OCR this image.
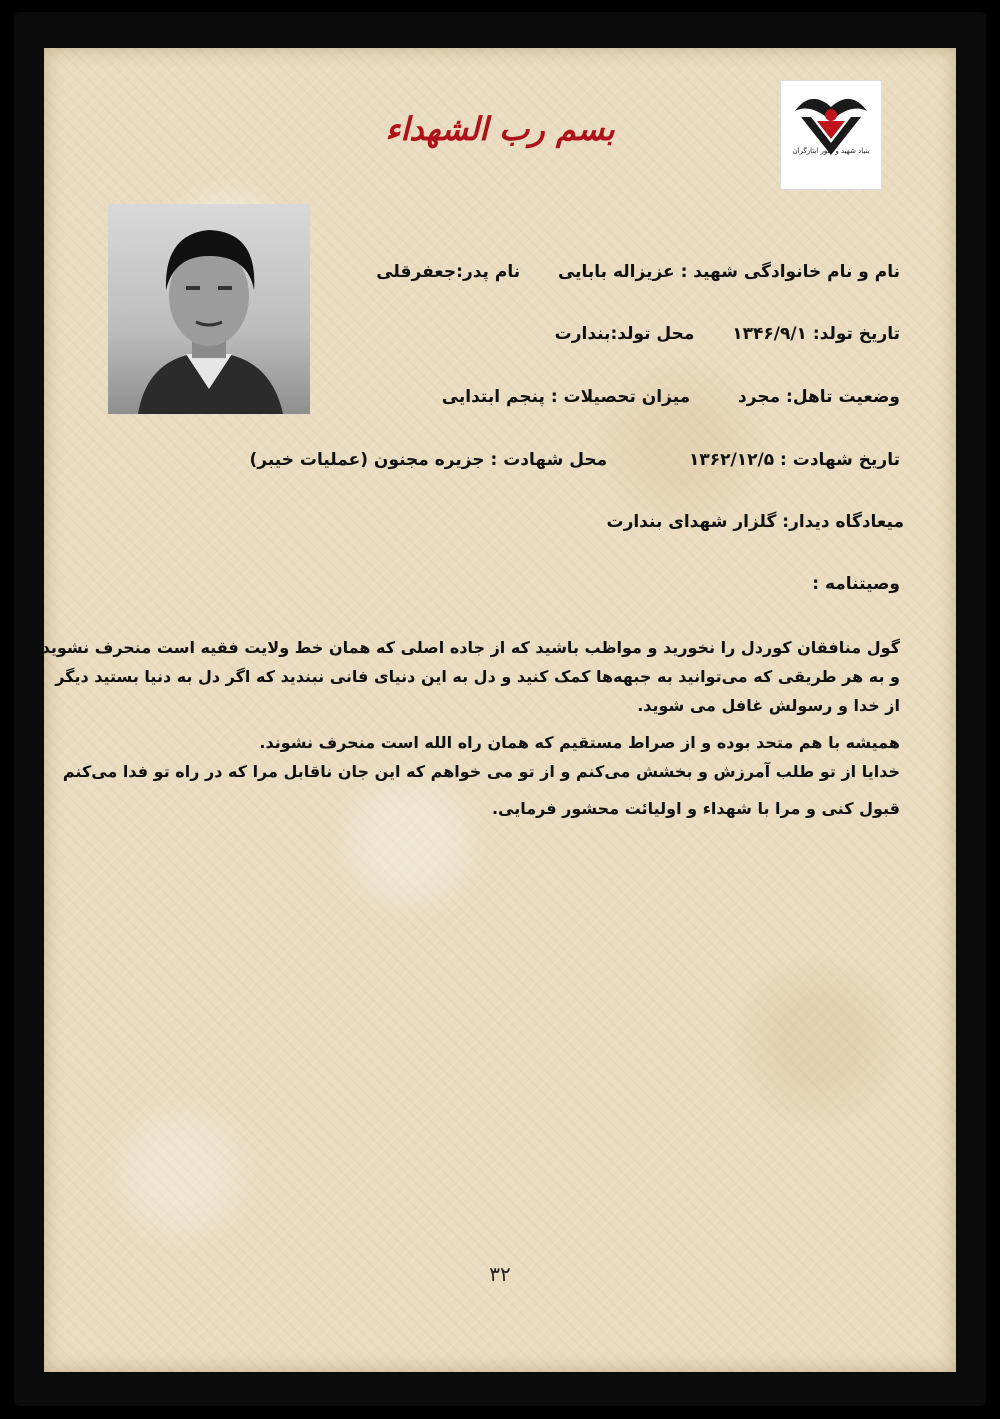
بسم رب الشهداء
بنیاد شهید و امور ایثارگران
نام و نام خانوادگی شهید : عزیزاله بابایی  نام پدر:جعفرقلی
تاریخ تولد: ۱۳۴۶/۹/۱  محل تولد:بندارت
وضعیت تاهل: مجرد  میزان تحصیلات : پنجم ابتدایی
تاریخ شهادت : ۱۳۶۲/۱۲/۵  محل شهادت : جزیره مجنون (عملیات خیبر)
میعادگاه دیدار: گلزار شهدای بندارت
وصیتنامه :
گول منافقان کوردل را نخورید و مواظب باشید که از جاده اصلی که همان خط ولایت فقیه است منحرف نشوید
و به هر طریقی که می‌توانید به جبهه‌ها کمک کنید و دل به این دنیای فانی نبندید که اگر دل به دنیا بستید دیگر
از خدا و رسولش غافل می شوید.
همیشه با هم متحد بوده و از صراط مستقیم که همان راه الله است منحرف نشوند.
خدایا از تو طلب آمرزش و بخشش می‌کنم و از تو می خواهم که این جان ناقابل مرا که در راه تو فدا می‌کنم
قبول کنی و مرا با شهداء و اولیائت محشور فرمایی.
۳۲
